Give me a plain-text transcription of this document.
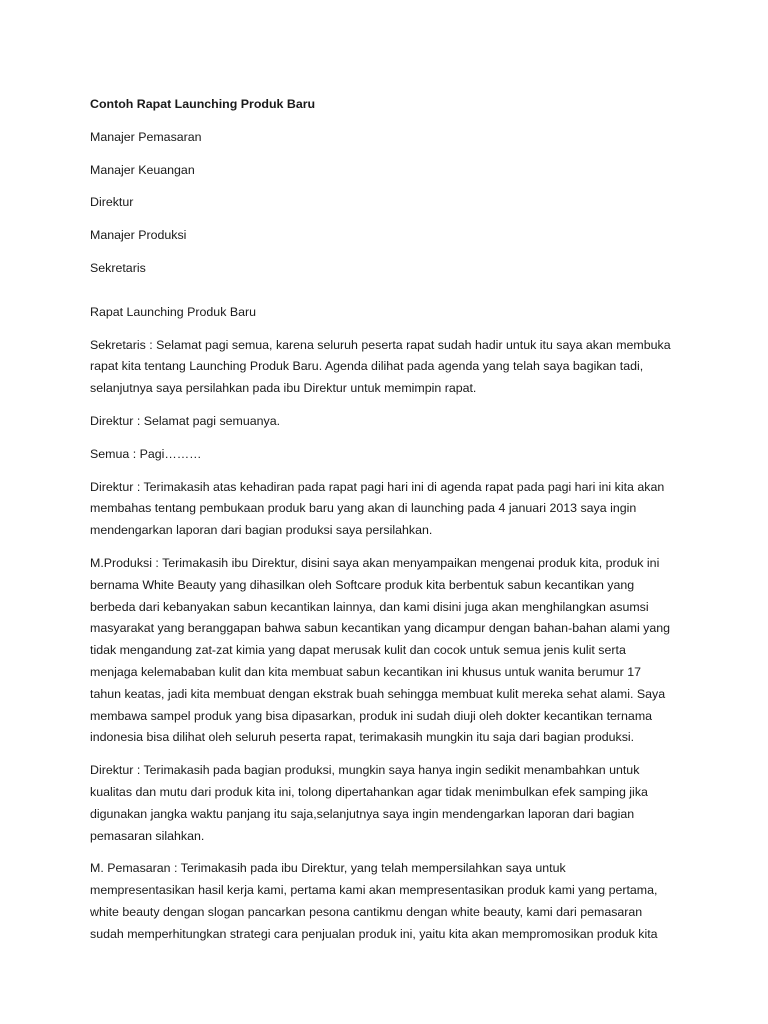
Contoh Rapat Launching Produk Baru
Manajer Pemasaran
Manajer Keuangan
Direktur
Manajer Produksi
Sekretaris
Rapat Launching Produk Baru
Sekretaris : Selamat pagi semua, karena seluruh peserta rapat sudah hadir untuk itu saya akan membuka
rapat kita tentang Launching Produk Baru. Agenda dilihat pada agenda yang telah saya bagikan tadi,
selanjutnya saya persilahkan pada ibu Direktur untuk memimpin rapat.
Direktur : Selamat pagi semuanya.
Semua : Pagi………
Direktur : Terimakasih atas kehadiran pada rapat pagi hari ini di agenda rapat pada pagi hari ini kita akan
membahas tentang pembukaan produk baru yang akan di launching pada 4 januari 2013 saya ingin
mendengarkan laporan dari bagian produksi saya persilahkan.
M.Produksi : Terimakasih ibu Direktur, disini saya akan menyampaikan mengenai produk kita, produk ini
bernama White Beauty yang dihasilkan oleh Softcare produk kita berbentuk sabun kecantikan yang
berbeda dari kebanyakan sabun kecantikan lainnya, dan kami disini juga akan menghilangkan asumsi
masyarakat yang beranggapan bahwa sabun kecantikan yang dicampur dengan bahan-bahan alami yang
tidak mengandung zat-zat kimia yang dapat merusak kulit dan cocok untuk semua jenis kulit serta
menjaga kelemababan kulit dan kita membuat sabun kecantikan ini khusus untuk wanita berumur 17
tahun keatas, jadi kita membuat dengan ekstrak buah sehingga membuat kulit mereka sehat alami. Saya
membawa sampel produk yang bisa dipasarkan, produk ini sudah diuji oleh dokter kecantikan ternama
indonesia bisa dilihat oleh seluruh peserta rapat, terimakasih mungkin itu saja dari bagian produksi.
Direktur : Terimakasih pada bagian produksi, mungkin saya hanya ingin sedikit menambahkan untuk
kualitas dan mutu dari produk kita ini, tolong dipertahankan agar tidak menimbulkan efek samping jika
digunakan jangka waktu panjang itu saja,selanjutnya saya ingin mendengarkan laporan dari bagian
pemasaran silahkan.
M. Pemasaran : Terimakasih pada ibu Direktur, yang telah mempersilahkan saya untuk
mempresentasikan hasil kerja kami, pertama kami akan mempresentasikan produk kami yang pertama,
white beauty dengan slogan pancarkan pesona cantikmu dengan white beauty, kami dari pemasaran
sudah memperhitungkan strategi cara penjualan produk ini, yaitu kita akan mempromosikan produk kita
